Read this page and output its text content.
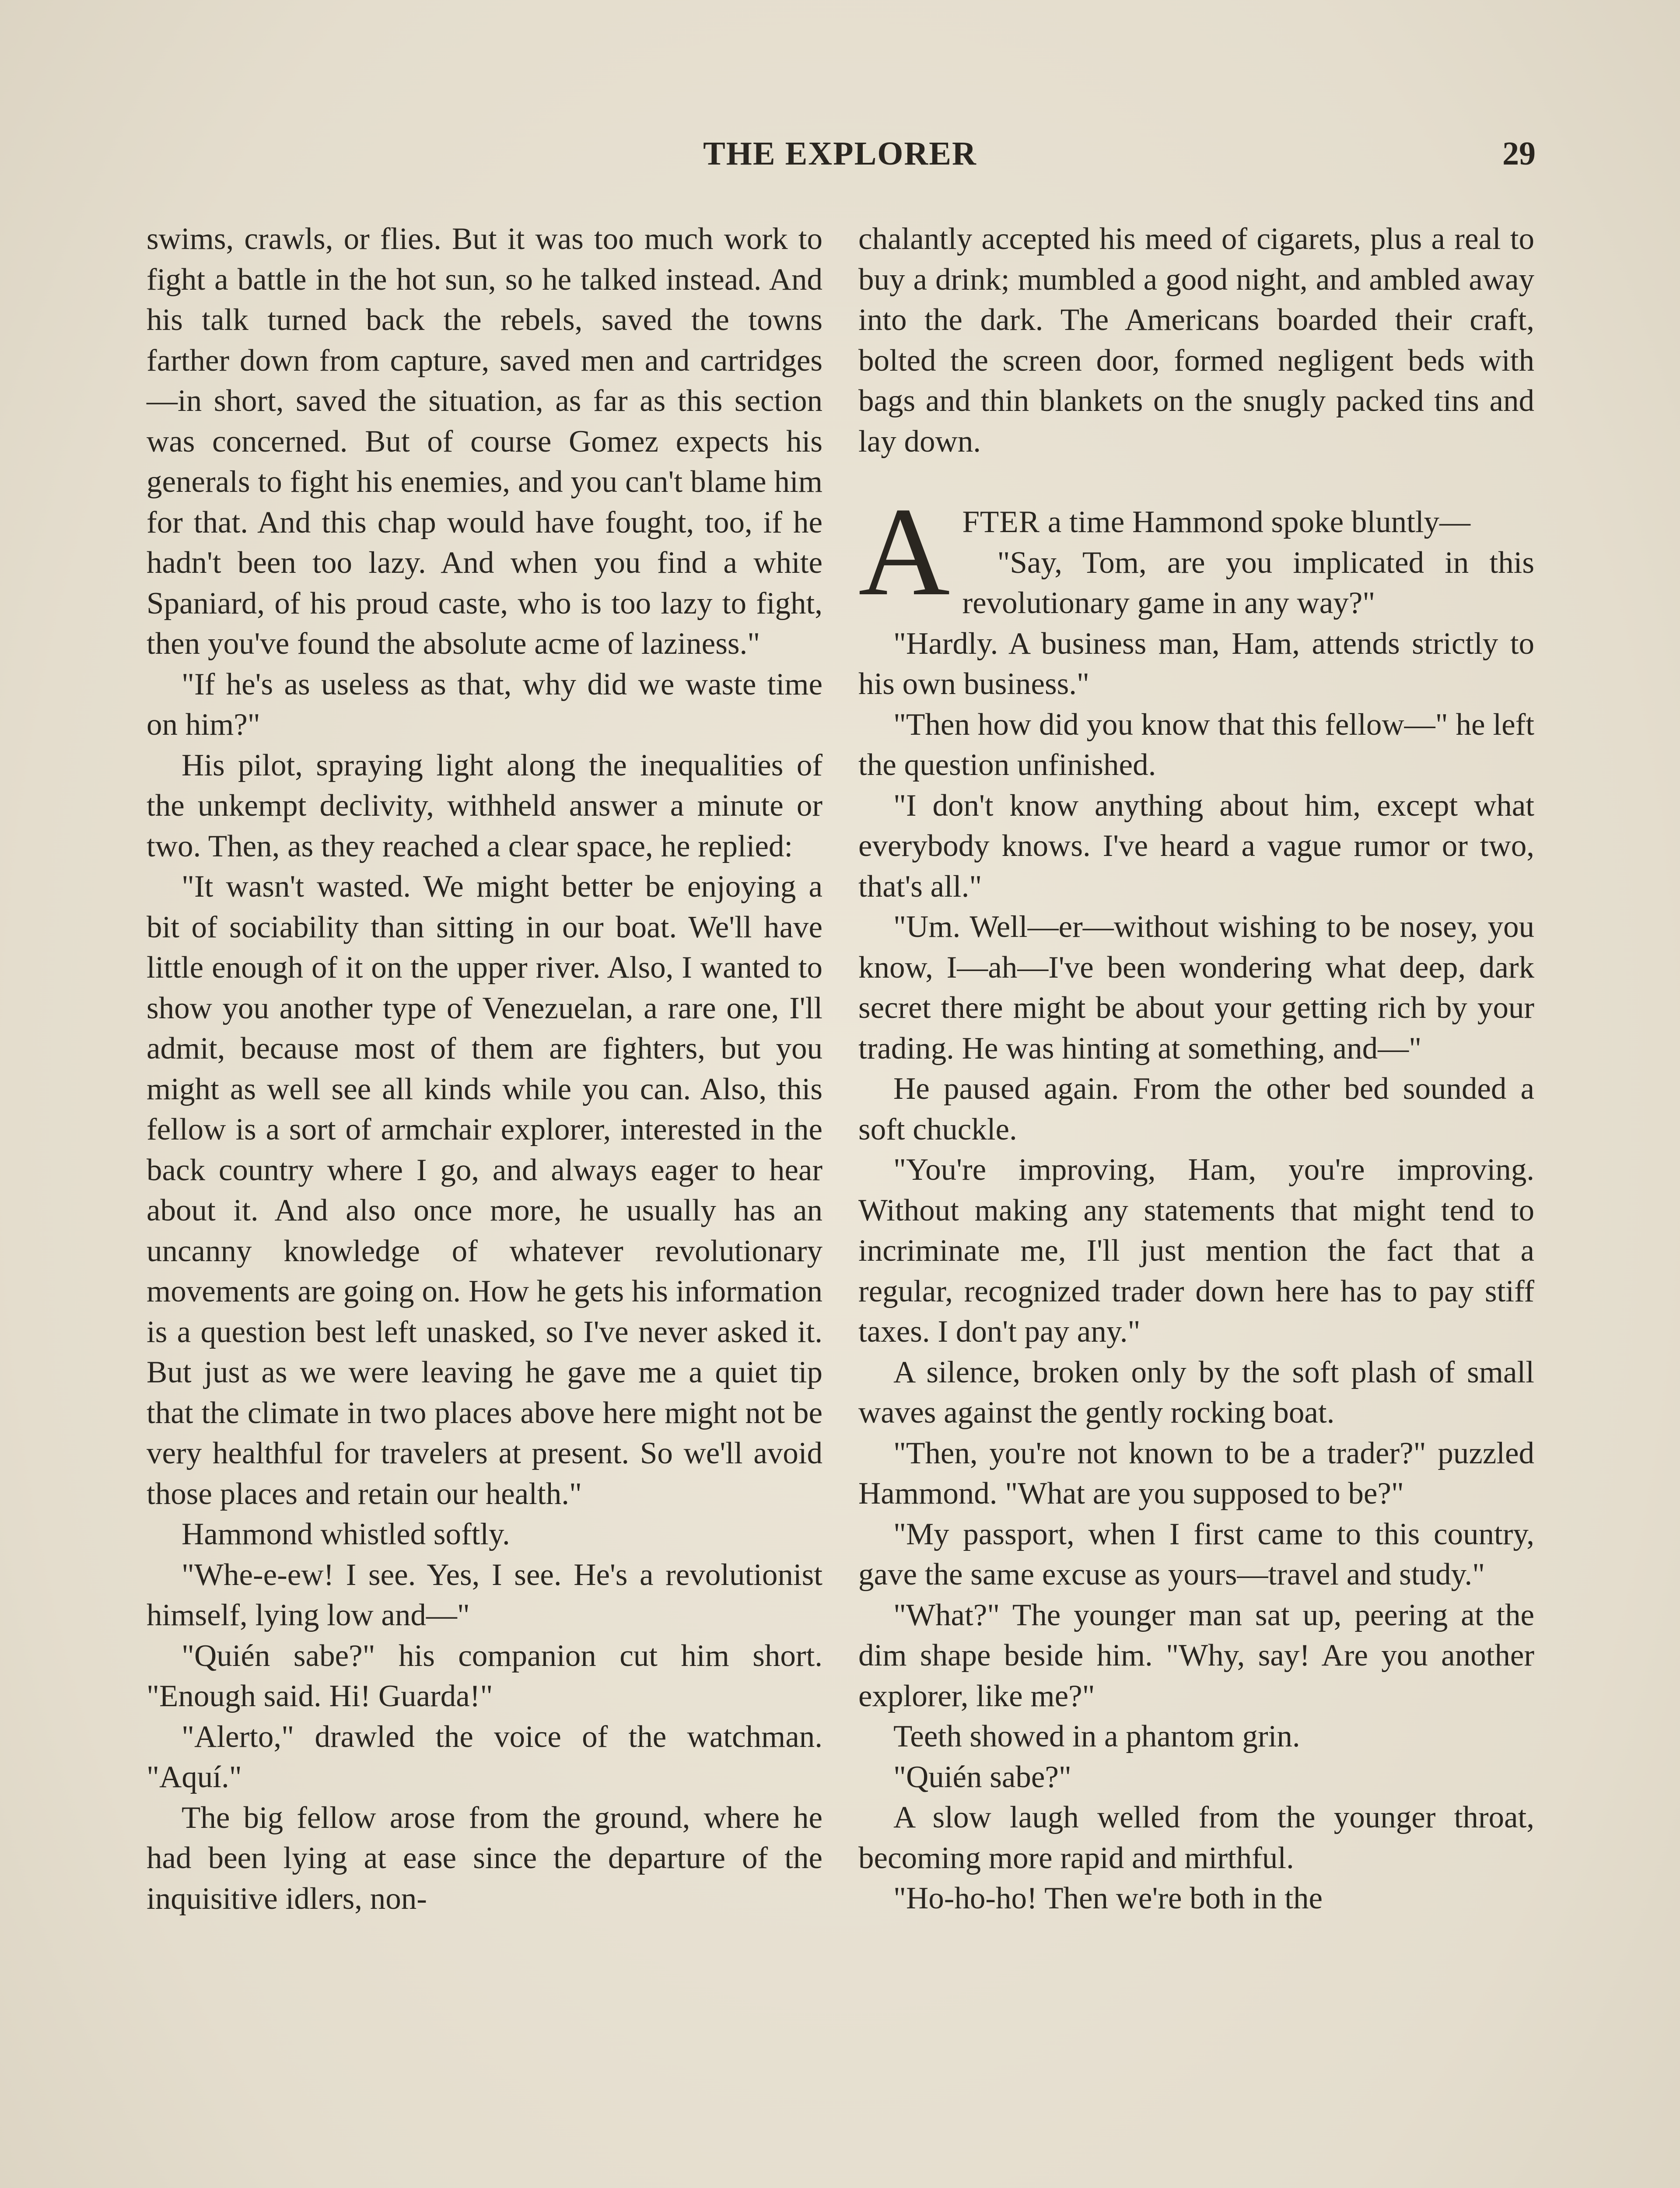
THE EXPLORER	29

swims, crawls, or flies. But it was too much work to fight a battle in the hot sun, so he talked instead. And his talk turned back the rebels, saved the towns farther down from capture, saved men and cartridges—in short, saved the situation, as far as this section was concerned. But of course Gomez expects his generals to fight his enemies, and you can't blame him for that. And this chap would have fought, too, if he hadn't been too lazy. And when you find a white Spaniard, of his proud caste, who is too lazy to fight, then you've found the absolute acme of laziness."

"If he's as useless as that, why did we waste time on him?"

His pilot, spraying light along the inequalities of the unkempt declivity, withheld answer a minute or two. Then, as they reached a clear space, he replied:

"It wasn't wasted. We might better be enjoying a bit of sociability than sitting in our boat. We'll have little enough of it on the upper river. Also, I wanted to show you another type of Venezuelan, a rare one, I'll admit, because most of them are fighters, but you might as well see all kinds while you can. Also, this fellow is a sort of armchair explorer, interested in the back country where I go, and always eager to hear about it. And also once more, he usually has an uncanny knowledge of whatever revolutionary movements are going on. How he gets his information is a question best left unasked, so I've never asked it. But just as we were leaving he gave me a quiet tip that the climate in two places above here might not be very healthful for travelers at present. So we'll avoid those places and retain our health."

Hammond whistled softly.

"Whe-e-ew! I see. Yes, I see. He's a revolutionist himself, lying low and—"

"Quién sabe?" his companion cut him short. "Enough said. Hi! Guarda!"

"Alerto," drawled the voice of the watchman. "Aquí."

The big fellow arose from the ground, where he had been lying at ease since the departure of the inquisitive idlers, non-

chalantly accepted his meed of cigarets, plus a real to buy a drink; mumbled a good night, and ambled away into the dark. The Americans boarded their craft, bolted the screen door, formed negligent beds with bags and thin blankets on the snugly packed tins and lay down.

AFTER a time Hammond spoke bluntly—

"Say, Tom, are you implicated in this revolutionary game in any way?"

"Hardly. A business man, Ham, attends strictly to his own business."

"Then how did you know that this fellow—" he left the question unfinished.

"I don't know anything about him, except what everybody knows. I've heard a vague rumor or two, that's all."

"Um. Well—er—without wishing to be nosey, you know, I—ah—I've been wondering what deep, dark secret there might be about your getting rich by your trading. He was hinting at something, and—"

He paused again. From the other bed sounded a soft chuckle.

"You're improving, Ham, you're improving. Without making any statements that might tend to incriminate me, I'll just mention the fact that a regular, recognized trader down here has to pay stiff taxes. I don't pay any."

A silence, broken only by the soft plash of small waves against the gently rocking boat.

"Then, you're not known to be a trader?" puzzled Hammond. "What are you supposed to be?"

"My passport, when I first came to this country, gave the same excuse as yours—travel and study."

"What?" The younger man sat up, peering at the dim shape beside him. "Why, say! Are you another explorer, like me?"

Teeth showed in a phantom grin.

"Quién sabe?"

A slow laugh welled from the younger throat, becoming more rapid and mirthful.

"Ho-ho-ho! Then we're both in the
